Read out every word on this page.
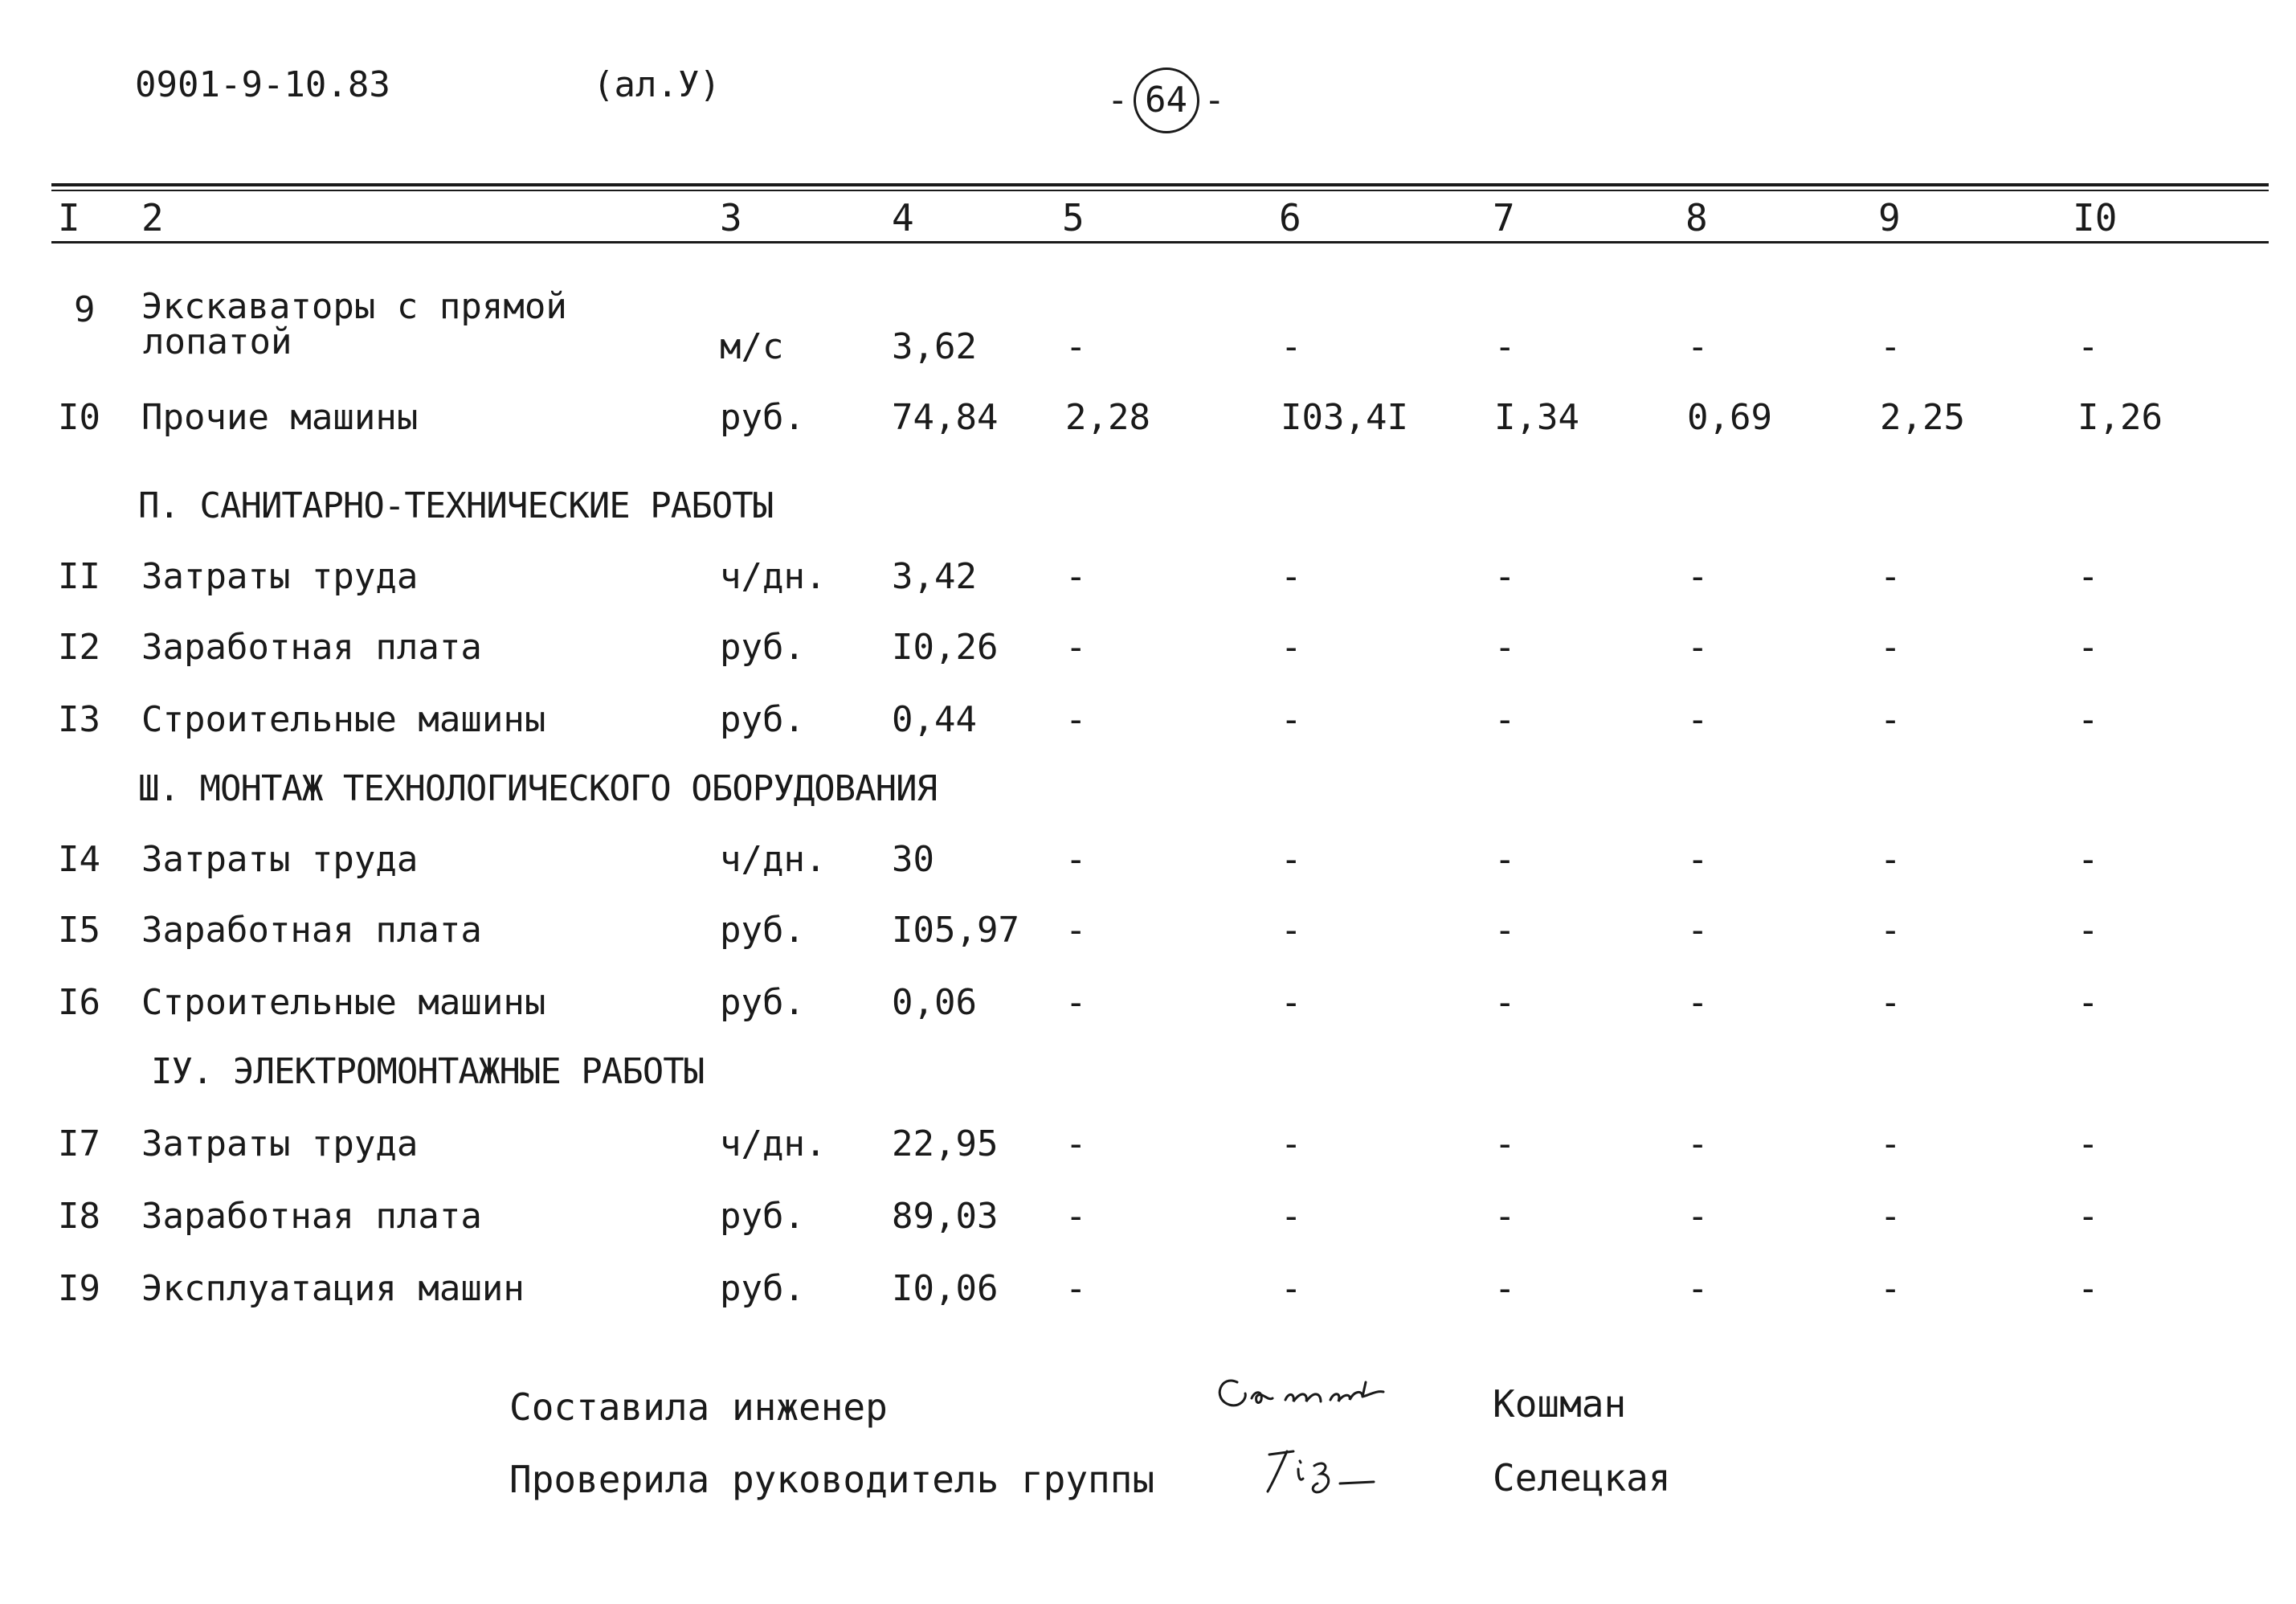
0901-9-10.83	(ал.У)	- 64 -
I 2	3	4	5	6	7	8	9	I0
9 Экскаваторы с прямой
лопатой	м/с	3,62	-	-	-	-	-	-
I0 Прочие машины	руб. 74,84 2,28	I03,4I I,34	0,69	2,25	I,26
П. САНИТАРНО-ТЕХНИЧЕСКИЕ РАБОТЫ
II Затраты труда	ч/дн. 3,42	-	-	-	-	-	-
I2 Заработная плата	руб. I0,26 -	-	-	-	-	-
I3 Строительные машины	руб. 0,44	-	-	-	-	-	-
Ш. МОНТАЖ ТЕХНОЛОГИЧЕСКОГО ОБОРУДОВАНИЯ
I4 Затраты труда	ч/дн. 30	-	-	-	-	-	-
I5 Заработная плата	руб. I05,97 -	-	-	-	-	-
I6 Строительные машины	руб. 0,06	-	-	-	-	-	-
IУ. ЭЛЕКТРОМОНТАЖНЫЕ РАБОТЫ
I7 Затраты труда	ч/дн. 22,95 -	-	-	-	-	-
I8 Заработная плата	руб. 89,03 -	-	-	-	-	-
I9 Эксплуатация машин	руб. I0,06 -	-	-	-	-	-
Составила инженер	Кошман
Проверила руководитель группы	Селецкая
